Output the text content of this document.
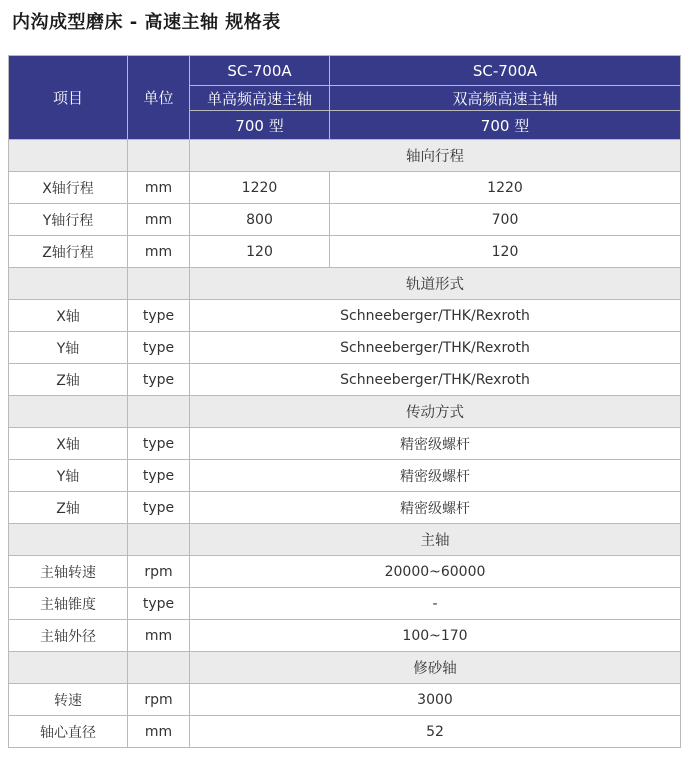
内沟成型磨床 - 高速主轴 规格表
项目	单位	SC-700A	SC-700A
		单高频高速主轴	双高频高速主轴
		700 型	700 型
		轴向行程	
X轴行程	mm	1220	1220
Y轴行程	mm	800	700
Z轴行程	mm	120	120
		轨道形式	
X轴	type	Schneeberger/THK/Rexroth	
Y轴	type	Schneeberger/THK/Rexroth	
Z轴	type	Schneeberger/THK/Rexroth	
		传动方式	
X轴	type	精密级螺杆	
Y轴	type	精密级螺杆	
Z轴	type	精密级螺杆	
		主轴	
主轴转速	rpm	20000~60000	
主轴锥度	type	-	
主轴外径	mm	100~170	
		修砂轴	
转速	rpm	3000	
轴心直径	mm	52	
